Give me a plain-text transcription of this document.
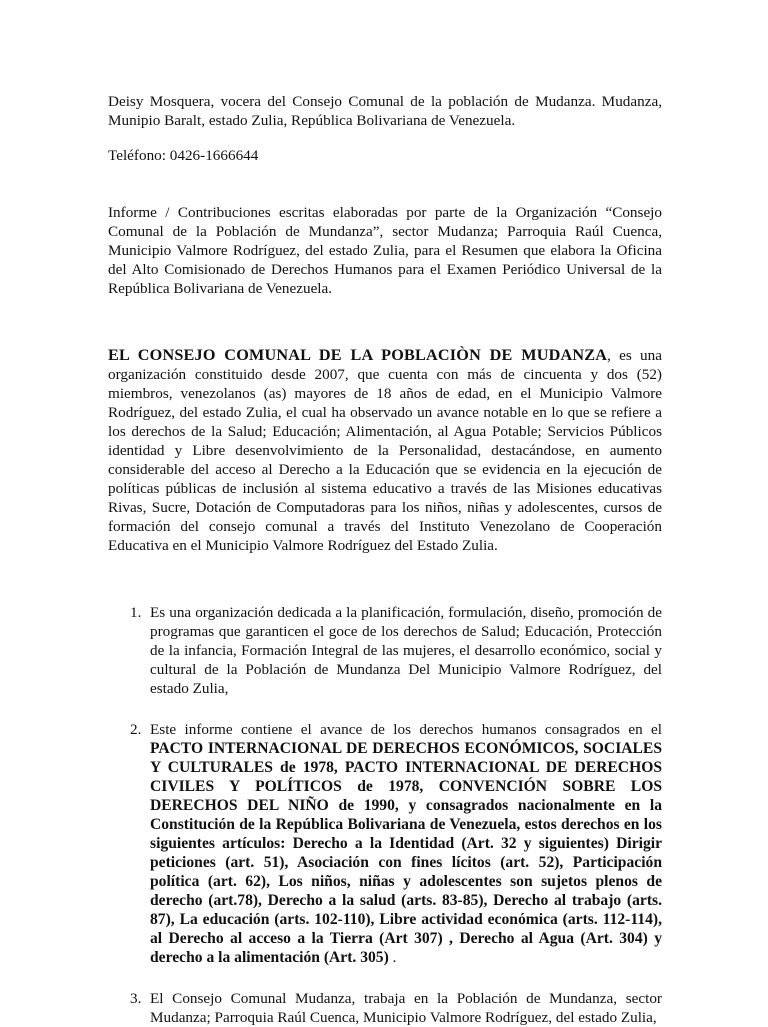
Deisy Mosquera, vocera del Consejo Comunal de la población de Mudanza. Mudanza, Munipio Baralt, estado Zulia, República Bolivariana de Venezuela.

Teléfono: 0426-1666644

Informe / Contribuciones escritas elaboradas por parte de la Organización “Consejo Comunal de la Población de Mundanza”, sector Mudanza; Parroquia Raúl Cuenca, Municipio Valmore Rodríguez, del estado Zulia, para el Resumen que elabora la Oficina del Alto Comisionado de Derechos Humanos para el Examen Periódico Universal de la República Bolivariana de Venezuela.

EL CONSEJO COMUNAL DE LA POBLACIÒN DE MUDANZA, es una organización constituido desde 2007, que cuenta con más de cincuenta y dos (52) miembros, venezolanos (as) mayores de 18 años de edad, en el Municipio Valmore Rodríguez, del estado Zulia, el cual ha observado un avance notable en lo que se refiere a los derechos de la Salud; Educación; Alimentación, al Agua Potable; Servicios Públicos identidad y Libre desenvolvimiento de la Personalidad, destacándose, en aumento considerable del acceso al Derecho a la Educación que se evidencia en la ejecución de políticas públicas de inclusión al sistema educativo a través de las Misiones educativas Rivas, Sucre, Dotación de Computadoras para los niños, niñas y adolescentes, cursos de formación del consejo comunal a través del Instituto Venezolano de Cooperación Educativa en el Municipio Valmore Rodríguez del Estado Zulia.

1. Es una organización dedicada a la planificación, formulación, diseño, promoción de programas que garanticen el goce de los derechos de Salud; Educación, Protección de la infancia, Formación Integral de las mujeres, el desarrollo económico, social y cultural de la Población de Mundanza Del Municipio Valmore Rodríguez, del estado Zulia,

2. Este informe contiene el avance de los derechos humanos consagrados en el PACTO INTERNACIONAL DE DERECHOS ECONÓMICOS, SOCIALES Y CULTURALES de 1978, PACTO INTERNACIONAL DE DERECHOS CIVILES Y POLÍTICOS de 1978, CONVENCIÓN SOBRE LOS DERECHOS DEL NIÑO de 1990, y consagrados nacionalmente en la Constitución de la República Bolivariana de Venezuela, estos derechos en los siguientes artículos: Derecho a la Identidad (Art. 32 y siguientes) Dirigir peticiones (art. 51), Asociación con fines lícitos (art. 52), Participación política (art. 62), Los niños, niñas y adolescentes son sujetos plenos de derecho (art.78), Derecho a la salud (arts. 83-85), Derecho al trabajo (arts. 87), La educación (arts. 102-110), Libre actividad económica (arts. 112-114), al Derecho al acceso a la Tierra (Art 307) , Derecho al Agua (Art. 304) y derecho a la alimentación (Art. 305) .

3. El Consejo Comunal Mudanza, trabaja en la Población de Mundanza, sector Mudanza; Parroquia Raúl Cuenca, Municipio Valmore Rodríguez, del estado Zulia,
